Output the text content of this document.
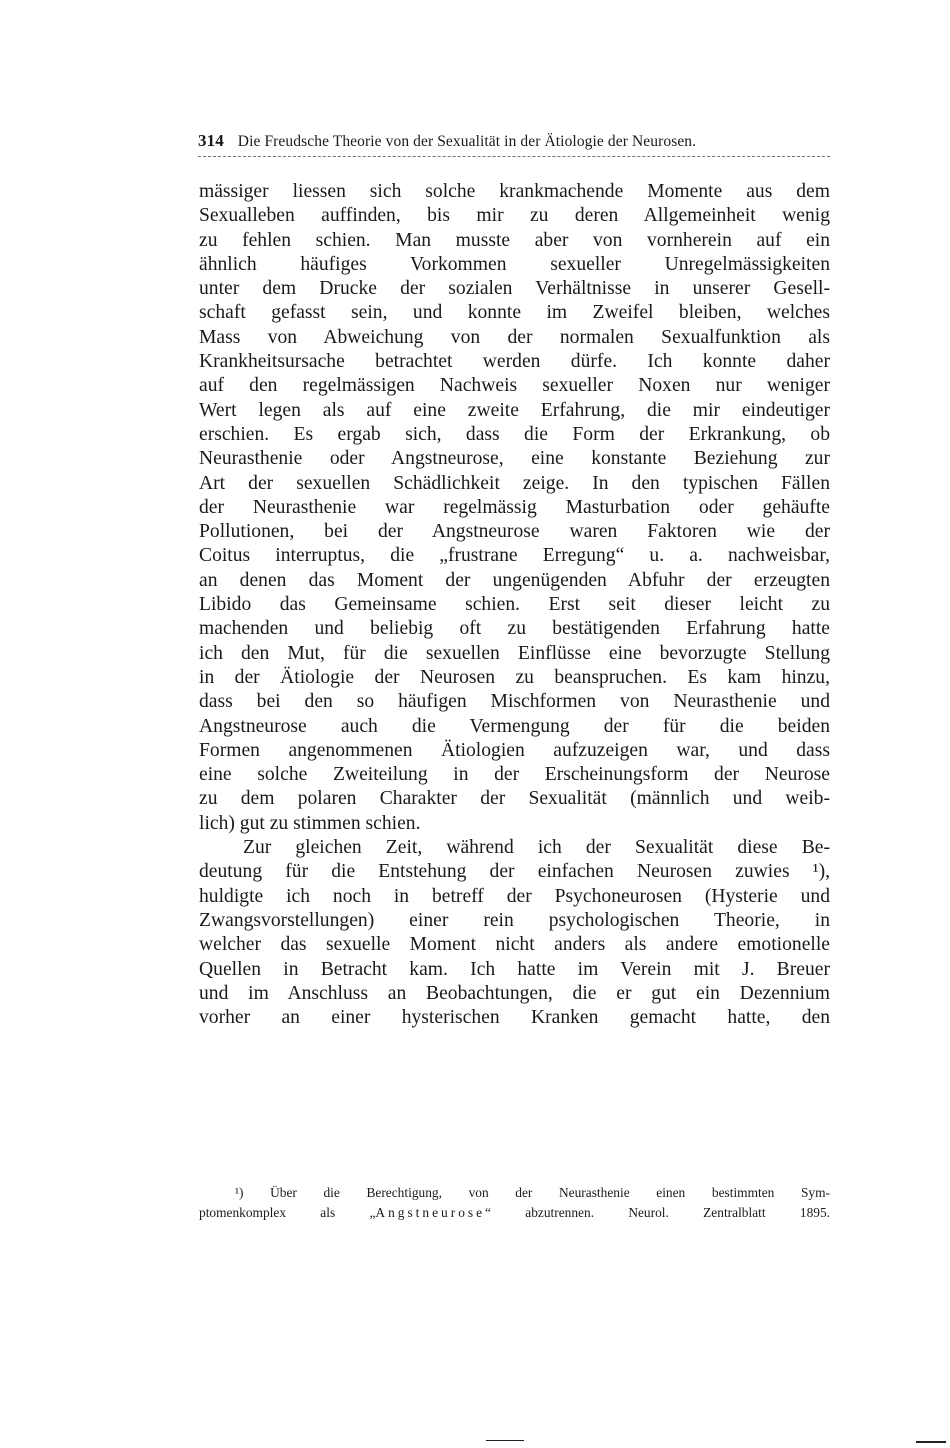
314 Die Freudsche Theorie von der Sexualität in der Ätiologie der Neurosen.
mässiger liessen sich solche krankmachende Momente aus dem
Sexualleben auffinden, bis mir zu deren Allgemeinheit wenig
zu fehlen schien. Man musste aber von vornherein auf ein
ähnlich häufiges Vorkommen sexueller Unregelmässigkeiten
unter dem Drucke der sozialen Verhältnisse in unserer Gesell-
schaft gefasst sein, und konnte im Zweifel bleiben, welches
Mass von Abweichung von der normalen Sexualfunktion als
Krankheitsursache betrachtet werden dürfe. Ich konnte daher
auf den regelmässigen Nachweis sexueller Noxen nur weniger
Wert legen als auf eine zweite Erfahrung, die mir eindeutiger
erschien. Es ergab sich, dass die Form der Erkrankung, ob
Neurasthenie oder Angstneurose, eine konstante Beziehung zur
Art der sexuellen Schädlichkeit zeige. In den typischen Fällen
der Neurasthenie war regelmässig Masturbation oder gehäufte
Pollutionen, bei der Angstneurose waren Faktoren wie der
Coitus interruptus, die „frustrane Erregung“ u. a. nachweisbar,
an denen das Moment der ungenügenden Abfuhr der erzeugten
Libido das Gemeinsame schien. Erst seit dieser leicht zu
machenden und beliebig oft zu bestätigenden Erfahrung hatte
ich den Mut, für die sexuellen Einflüsse eine bevorzugte Stellung
in der Ätiologie der Neurosen zu beanspruchen. Es kam hinzu,
dass bei den so häufigen Mischformen von Neurasthenie und
Angstneurose auch die Vermengung der für die beiden
Formen angenommenen Ätiologien aufzuzeigen war, und dass
eine solche Zweiteilung in der Erscheinungsform der Neurose
zu dem polaren Charakter der Sexualität (männlich und weib-
lich) gut zu stimmen schien.
Zur gleichen Zeit, während ich der Sexualität diese Be-
deutung für die Entstehung der einfachen Neurosen zuwies ¹),
huldigte ich noch in betreff der Psychoneurosen (Hysterie und
Zwangsvorstellungen) einer rein psychologischen Theorie, in
welcher das sexuelle Moment nicht anders als andere emotionelle
Quellen in Betracht kam. Ich hatte im Verein mit J. Breuer
und im Anschluss an Beobachtungen, die er gut ein Dezennium
vorher an einer hysterischen Kranken gemacht hatte, den
¹) Über die Berechtigung, von der Neurasthenie einen bestimmten Sym-
ptomenkomplex als „Angstneurose“ abzutrennen. Neurol. Zentralblatt 1895.
